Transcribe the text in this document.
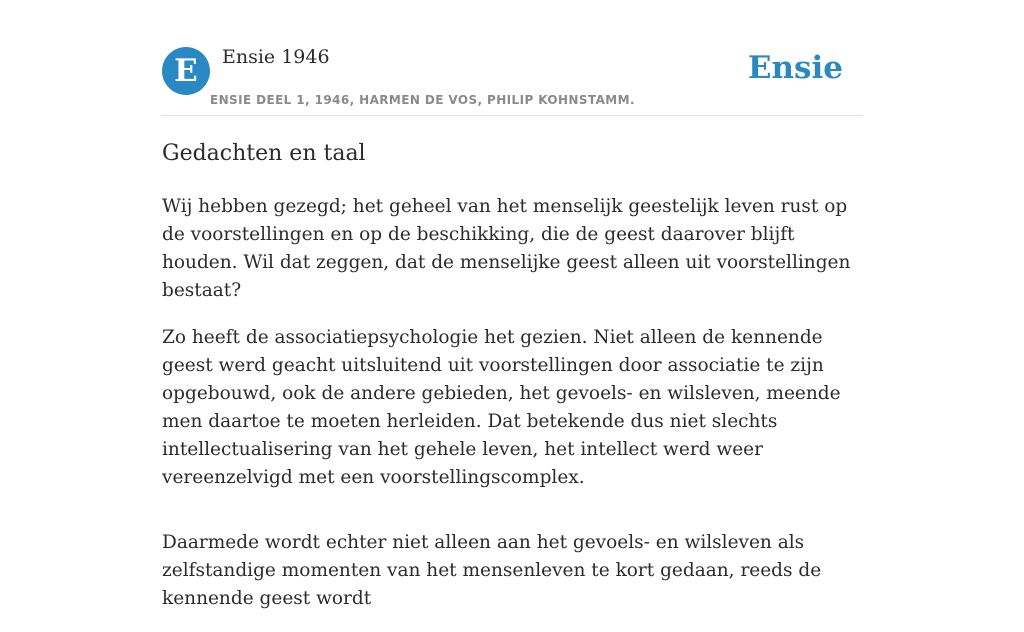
E	Ensie 1946
ENSIE DEEL 1, 1946, HARMEN DE VOS, PHILIP KOHNSTAMM.
Ensie
Gedachten en taal

Wij hebben gezegd; het geheel van het menselijk geestelijk leven rust op de voorstellingen en op de beschikking, die de geest daarover blijft houden. Wil dat zeggen, dat de menselijke geest alleen uit voorstellingen bestaat?

Zo heeft de associatiepsychologie het gezien. Niet alleen de kennende geest werd geacht uitsluitend uit voorstellingen door associatie te zijn opgebouwd, ook de andere gebieden, het gevoels- en wilsleven, meende men daartoe te moeten herleiden. Dat betekende dus niet slechts intellectualisering van het gehele leven, het intellect werd weer vereenzelvigd met een voorstellingscomplex.

Daarmede wordt echter niet alleen aan het gevoels- en wilsleven als zelfstandige momenten van het mensenleven te kort gedaan, reeds de kennende geest wordt
